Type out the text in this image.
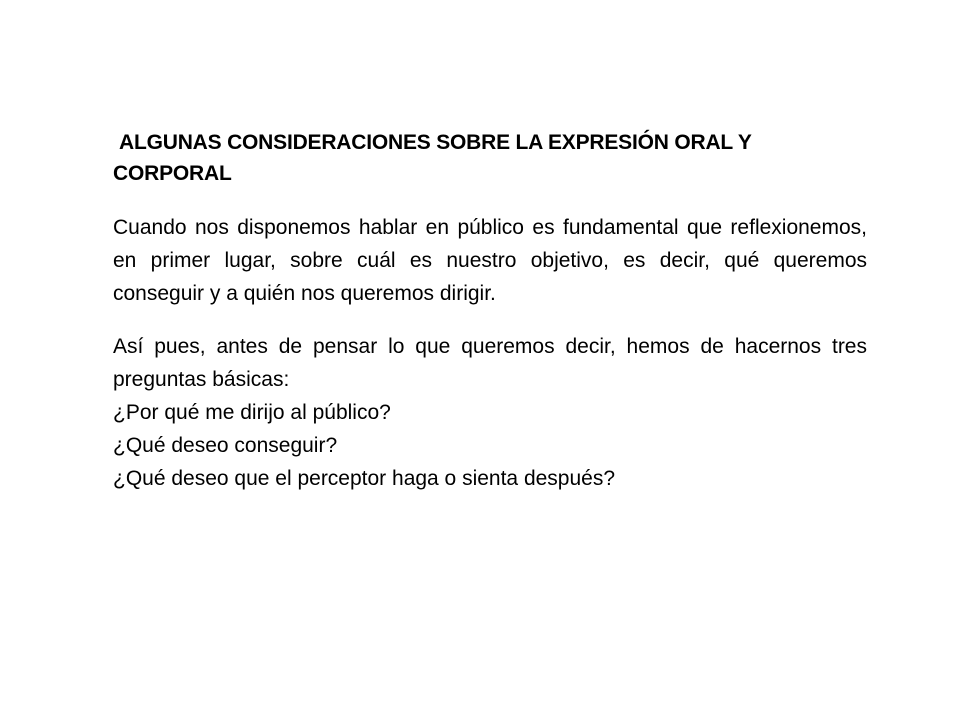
ALGUNAS CONSIDERACIONES SOBRE LA EXPRESIÓN ORAL Y
CORPORAL

Cuando nos disponemos hablar en público es fundamental que reflexionemos, en primer lugar, sobre cuál es nuestro objetivo, es decir, qué queremos conseguir y a quién nos queremos dirigir.

Así pues, antes de pensar lo que queremos decir, hemos de hacernos tres preguntas básicas:

¿Por qué me dirijo al público?
¿Qué deseo conseguir?
¿Qué deseo que el perceptor haga o sienta después?
